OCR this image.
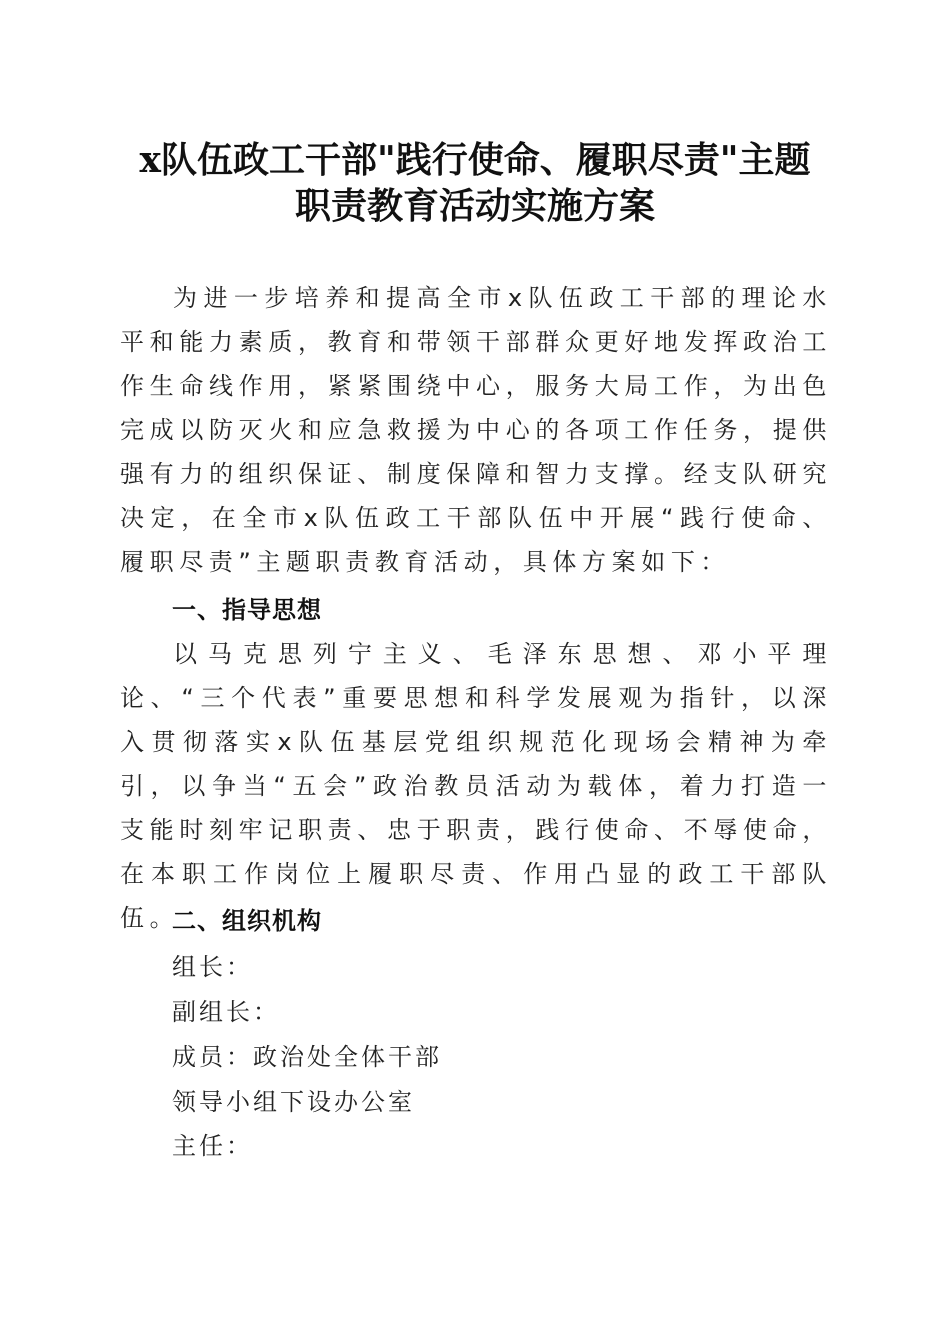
x队伍政工干部"践行使命、履职尽责"主题
职责教育活动实施方案

为进一步培养和提高全市x队伍政工干部的理论水平和能力素质，教育和带领干部群众更好地发挥政治工作生命线作用，紧紧围绕中心，服务大局工作，为出色完成以防灭火和应急救援为中心的各项工作任务，提供强有力的组织保证、制度保障和智力支撑。经支队研究决定，在全市x队伍政工干部队伍中开展“践行使命、履职尽责”主题职责教育活动，具体方案如下：

一、指导思想

以马克思列宁主义、毛泽东思想、邓小平理论、“三个代表”重要思想和科学发展观为指针，以深入贯彻落实x队伍基层党组织规范化现场会精神为牵引，以争当“五会”政治教员活动为载体，着力打造一支能时刻牢记职责、忠于职责，践行使命、不辱使命，在本职工作岗位上履职尽责、作用凸显的政工干部队伍。

二、组织机构
组长：
副组长：
成员：政治处全体干部
领导小组下设办公室
主任：
